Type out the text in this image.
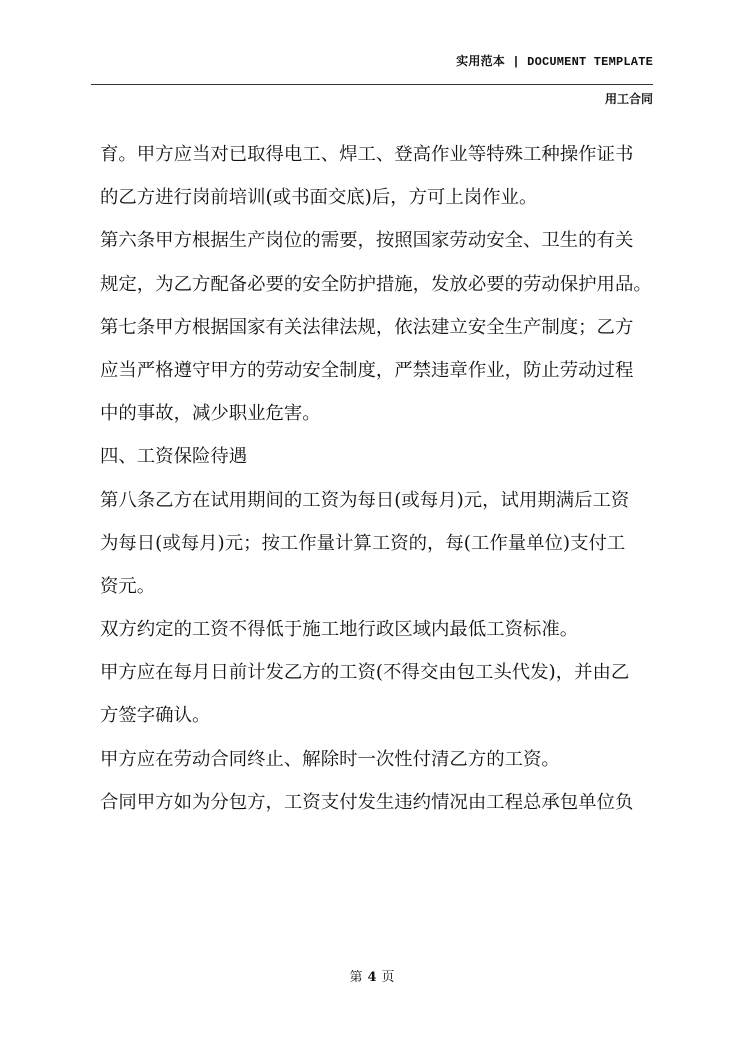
实用范本 | DOCUMENT TEMPLATE
用工合同
育。甲方应当对已取得电工、焊工、登高作业等特殊工种操作证书
的乙方进行岗前培训(或书面交底)后，方可上岗作业。
第六条甲方根据生产岗位的需要，按照国家劳动安全、卫生的有关
规定，为乙方配备必要的安全防护措施，发放必要的劳动保护用品。
第七条甲方根据国家有关法律法规，依法建立安全生产制度；乙方
应当严格遵守甲方的劳动安全制度，严禁违章作业，防止劳动过程
中的事故，减少职业危害。
四、工资保险待遇
第八条乙方在试用期间的工资为每日(或每月)元，试用期满后工资
为每日(或每月)元；按工作量计算工资的，每(工作量单位)支付工
资元。
双方约定的工资不得低于施工地行政区域内最低工资标准。
甲方应在每月日前计发乙方的工资(不得交由包工头代发)，并由乙
方签字确认。
甲方应在劳动合同终止、解除时一次性付清乙方的工资。
合同甲方如为分包方，工资支付发生违约情况由工程总承包单位负
第 4 页
